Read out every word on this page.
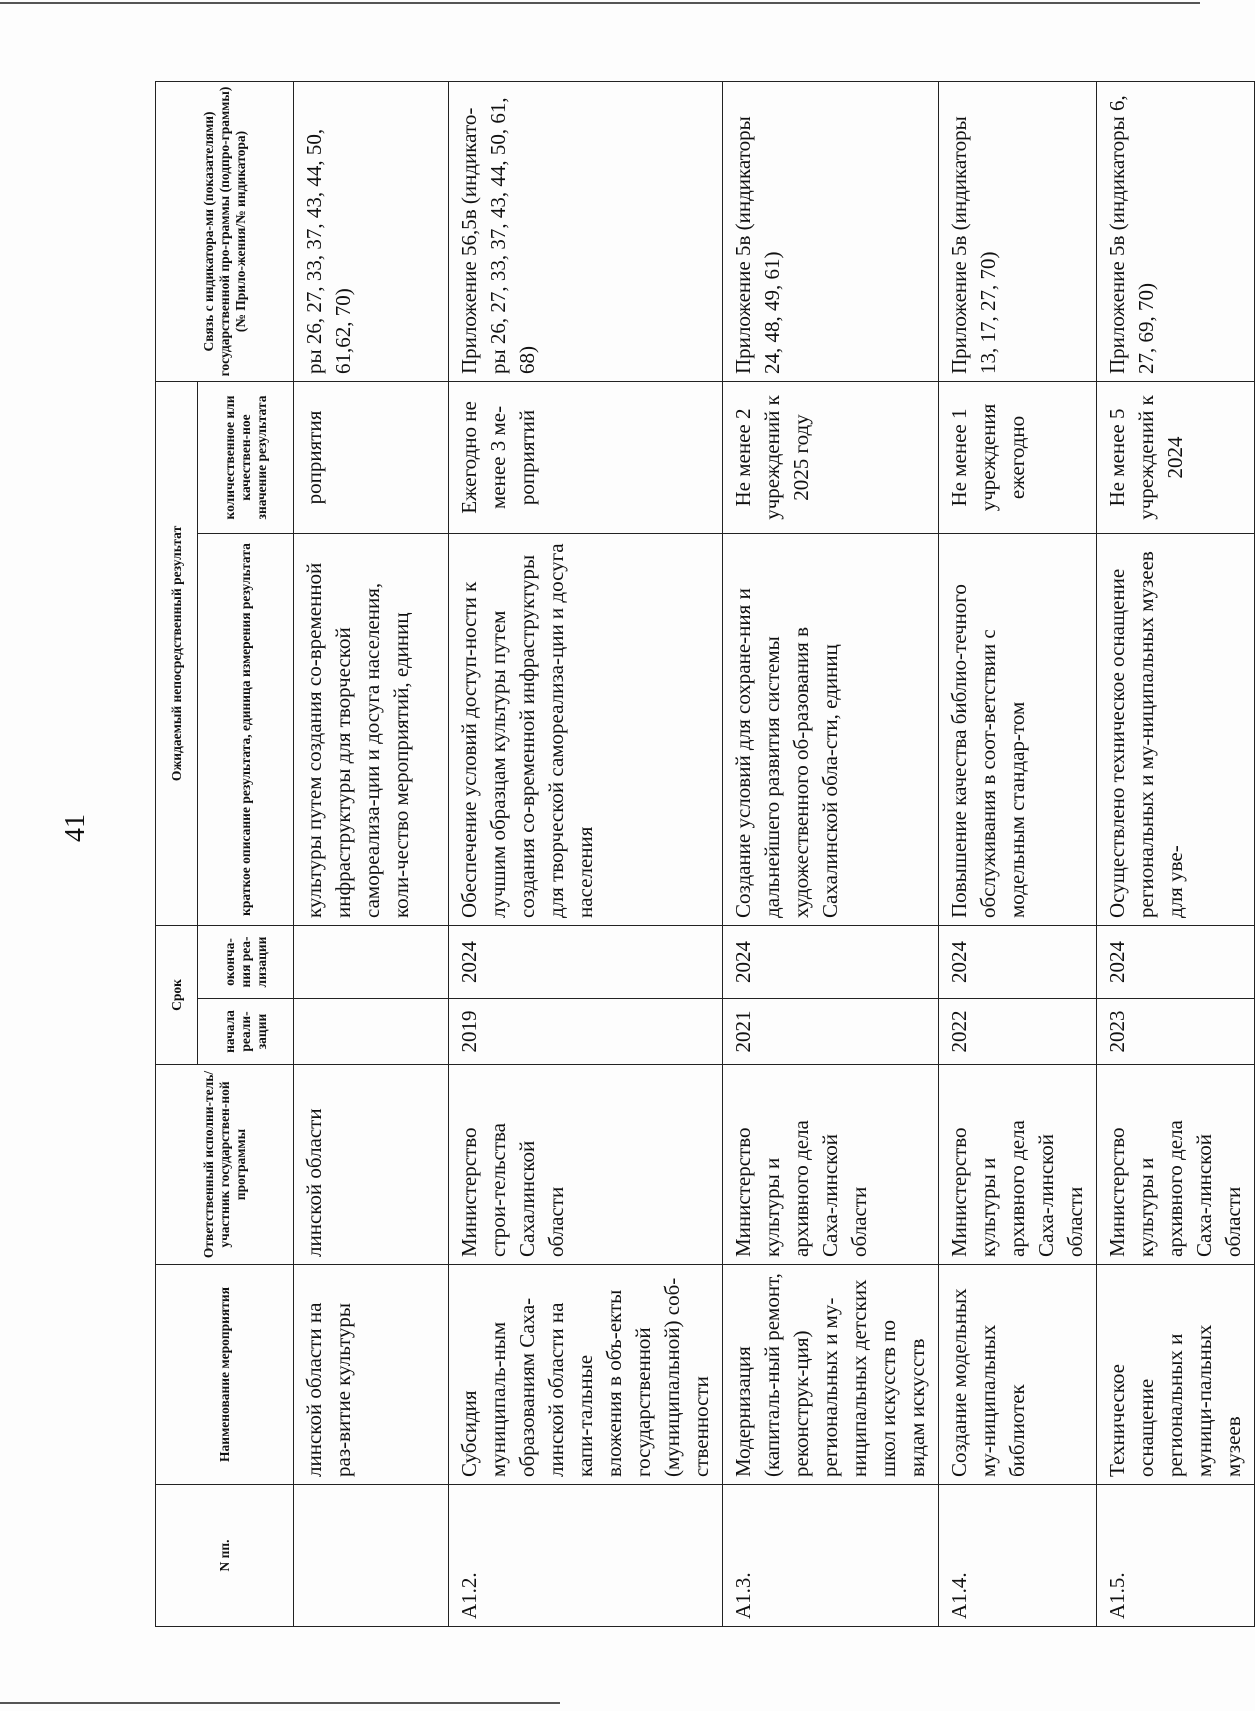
41
N пп.	Наименование мероприятия	Ответственный исполни-тель/участник государствен-ной программы	Срок		Ожидаемый непосредственный результат		Связь с индикатора-ми (показателями) государственной про-граммы (подпро-граммы) (№ Прило-жения/№ индикатора)
			начала реали-зации	оконча-ния реа-лизации	краткое описание результата, единица измерения результата	количественное или качествен-ное значение результата	
	линской области на раз-витие культуры	линской области			культуры путем создания со-временной инфраструктуры для творческой самореализа-ции и досуга населения, коли-чество мероприятий, единиц	роприятия	ры 26, 27, 33, 37, 43, 44, 50, 61,62, 70)
А1.2.	Субсидия муниципаль-ным образованиям Саха-линской области на капи-тальные вложения в объ-екты государственной (муниципальной) соб-ственности	Министерство строи-тельства Сахалинской области	2019	2024	Обеспечение условий доступ-ности к лучшим образцам культуры путем создания со-временной инфраструктуры для творческой самореализа-ции и досуга населения	Ежегодно не менее 3 ме-роприятий	Приложение 56,5в (индикато-ры 26, 27, 33, 37, 43, 44, 50, 61, 68)
А1.3.	Модернизация (капиталь-ный ремонт, реконструк-ция) региональных и му-ниципальных детских школ искусств по видам искусств	Министерство культуры и архивного дела Саха-линской области	2021	2024	Создание условий для сохране-ния и дальнейшего развития системы художественного об-разования в Сахалинской обла-сти, единиц	Не менее 2 учреждений к 2025 году	Приложение 5в (индикаторы 24, 48, 49, 61)
А1.4.	Создание модельных му-ниципальных библиотек	Министерство культуры и архивного дела Саха-линской области	2022	2024	Повышение качества библио-течного обслуживания в соот-ветствии с модельным стандар-том	Не менее 1 учреждения ежегодно	Приложение 5в (индикаторы 13, 17, 27, 70)
А1.5.	Техническое оснащение региональных и муници-пальных музеев	Министерство культуры и архивного дела Саха-линской области	2023	2024	Осуществлено техническое оснащение региональных и му-ниципальных музеев для уве-	Не менее 5 учреждений к 2024	Приложение 5в (индикаторы 6, 27, 69, 70)
